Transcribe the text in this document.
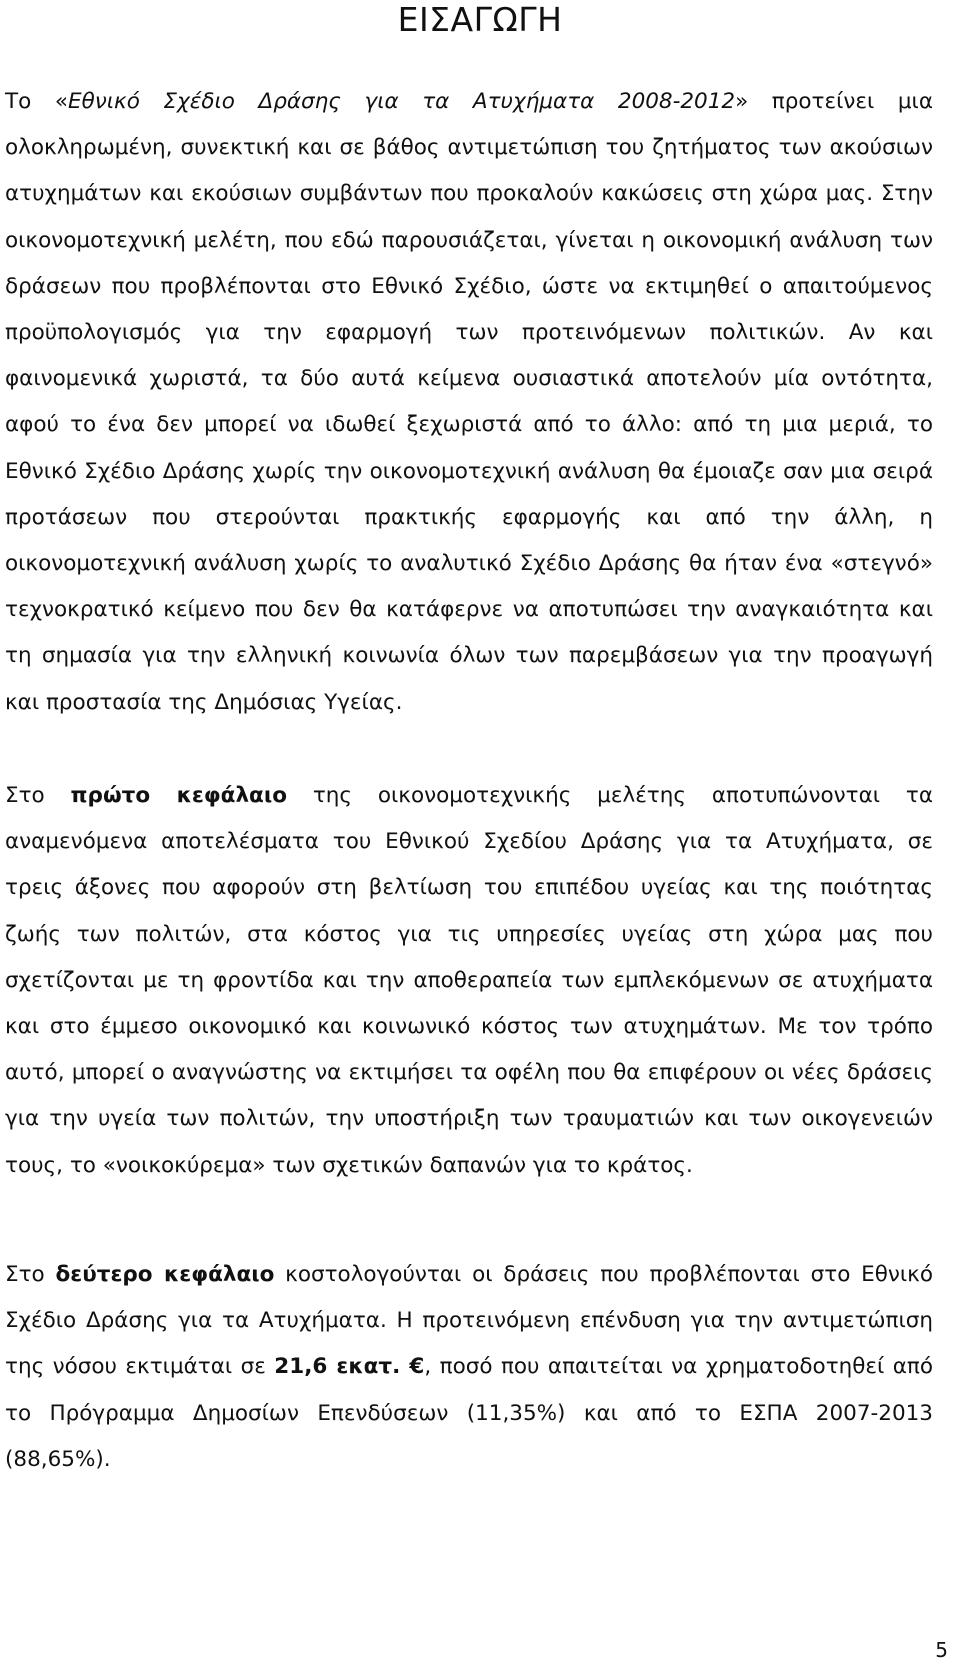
ΕΙΣΑΓΩΓΗ

Το «Εθνικό Σχέδιο Δράσης για τα Ατυχήματα 2008-2012» προτείνει μια ολοκληρωμένη, συνεκτική και σε βάθος αντιμετώπιση του ζητήματος των ακούσιων ατυχημάτων και εκούσιων συμβάντων που προκαλούν κακώσεις στη χώρα μας. Στην οικονομοτεχνική μελέτη, που εδώ παρουσιάζεται, γίνεται η οικονομική ανάλυση των δράσεων που προβλέπονται στο Εθνικό Σχέδιο, ώστε να εκτιμηθεί ο απαιτούμενος προϋπολογισμός για την εφαρμογή των προτεινόμενων πολιτικών. Αν και φαινομενικά χωριστά, τα δύο αυτά κείμενα ουσιαστικά αποτελούν μία οντότητα, αφού το ένα δεν μπορεί να ιδωθεί ξεχωριστά από το άλλο: από τη μια μεριά, το Εθνικό Σχέδιο Δράσης χωρίς την οικονομοτεχνική ανάλυση θα έμοιαζε σαν μια σειρά προτάσεων που στερούνται πρακτικής εφαρμογής και από την άλλη, η οικονομοτεχνική ανάλυση χωρίς το αναλυτικό Σχέδιο Δράσης θα ήταν ένα «στεγνό» τεχνοκρατικό κείμενο που δεν θα κατάφερνε να αποτυπώσει την αναγκαιότητα και τη σημασία για την ελληνική κοινωνία όλων των παρεμβάσεων για την προαγωγή και προστασία της Δημόσιας Υγείας.

Στο πρώτο κεφάλαιο της οικονομοτεχνικής μελέτης αποτυπώνονται τα αναμενόμενα αποτελέσματα του Εθνικού Σχεδίου Δράσης για τα Ατυχήματα, σε τρεις άξονες που αφορούν στη βελτίωση του επιπέδου υγείας και της ποιότητας ζωής των πολιτών, στα κόστος για τις υπηρεσίες υγείας στη χώρα μας που σχετίζονται με τη φροντίδα και την αποθεραπεία των εμπλεκόμενων σε ατυχήματα και στο έμμεσο οικονομικό και κοινωνικό κόστος των ατυχημάτων. Με τον τρόπο αυτό, μπορεί ο αναγνώστης να εκτιμήσει τα οφέλη που θα επιφέρουν οι νέες δράσεις για την υγεία των πολιτών, την υποστήριξη των τραυματιών και των οικογενειών τους, το «νοικοκύρεμα» των σχετικών δαπανών για το κράτος.

Στο δεύτερο κεφάλαιο κοστολογούνται οι δράσεις που προβλέπονται στο Εθνικό Σχέδιο Δράσης για τα Ατυχήματα. Η προτεινόμενη επένδυση για την αντιμετώπιση της νόσου εκτιμάται σε 21,6 εκατ. €, ποσό που απαιτείται να χρηματοδοτηθεί από το Πρόγραμμα Δημοσίων Επενδύσεων (11,35%) και από το ΕΣΠΑ 2007-2013 (88,65%).

5
